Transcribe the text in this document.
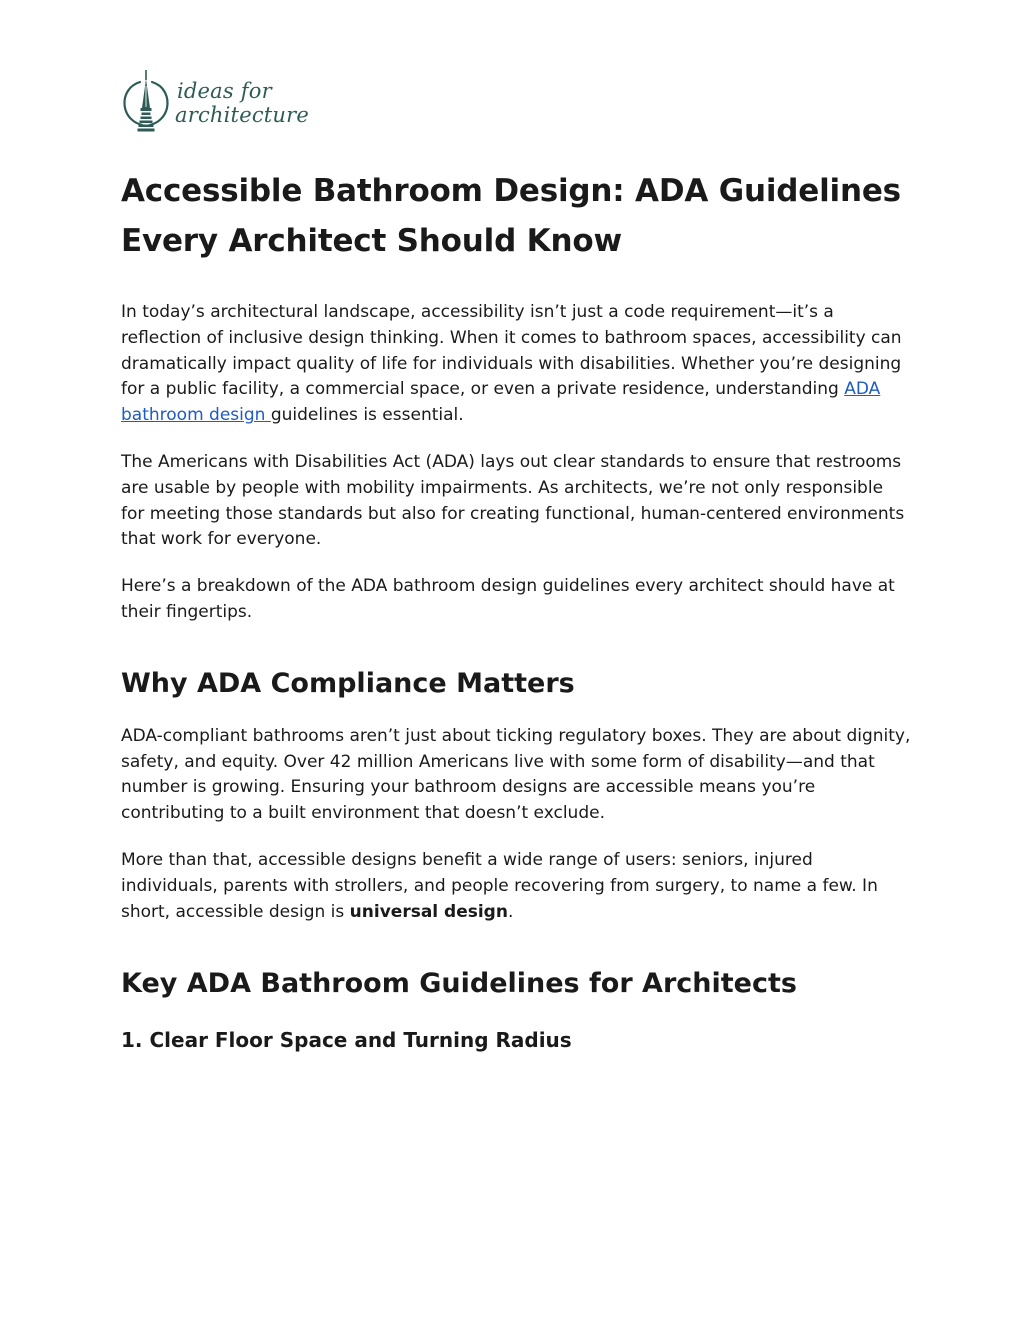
ideas for
architecture
Accessible Bathroom Design: ADA Guidelines Every Architect Should Know

In today’s architectural landscape, accessibility isn’t just a code requirement—it’s a reflection of inclusive design thinking. When it comes to bathroom spaces, accessibility can dramatically impact quality of life for individuals with disabilities. Whether you’re designing for a public facility, a commercial space, or even a private residence, understanding ADA bathroom design guidelines is essential.

The Americans with Disabilities Act (ADA) lays out clear standards to ensure that restrooms are usable by people with mobility impairments. As architects, we’re not only responsible for meeting those standards but also for creating functional, human-centered environments that work for everyone.

Here’s a breakdown of the ADA bathroom design guidelines every architect should have at their fingertips.

Why ADA Compliance Matters

ADA-compliant bathrooms aren’t just about ticking regulatory boxes. They are about dignity, safety, and equity. Over 42 million Americans live with some form of disability—and that number is growing. Ensuring your bathroom designs are accessible means you’re contributing to a built environment that doesn’t exclude.

More than that, accessible designs benefit a wide range of users: seniors, injured individuals, parents with strollers, and people recovering from surgery, to name a few. In short, accessible design is universal design.

Key ADA Bathroom Guidelines for Architects
1. Clear Floor Space and Turning Radius
